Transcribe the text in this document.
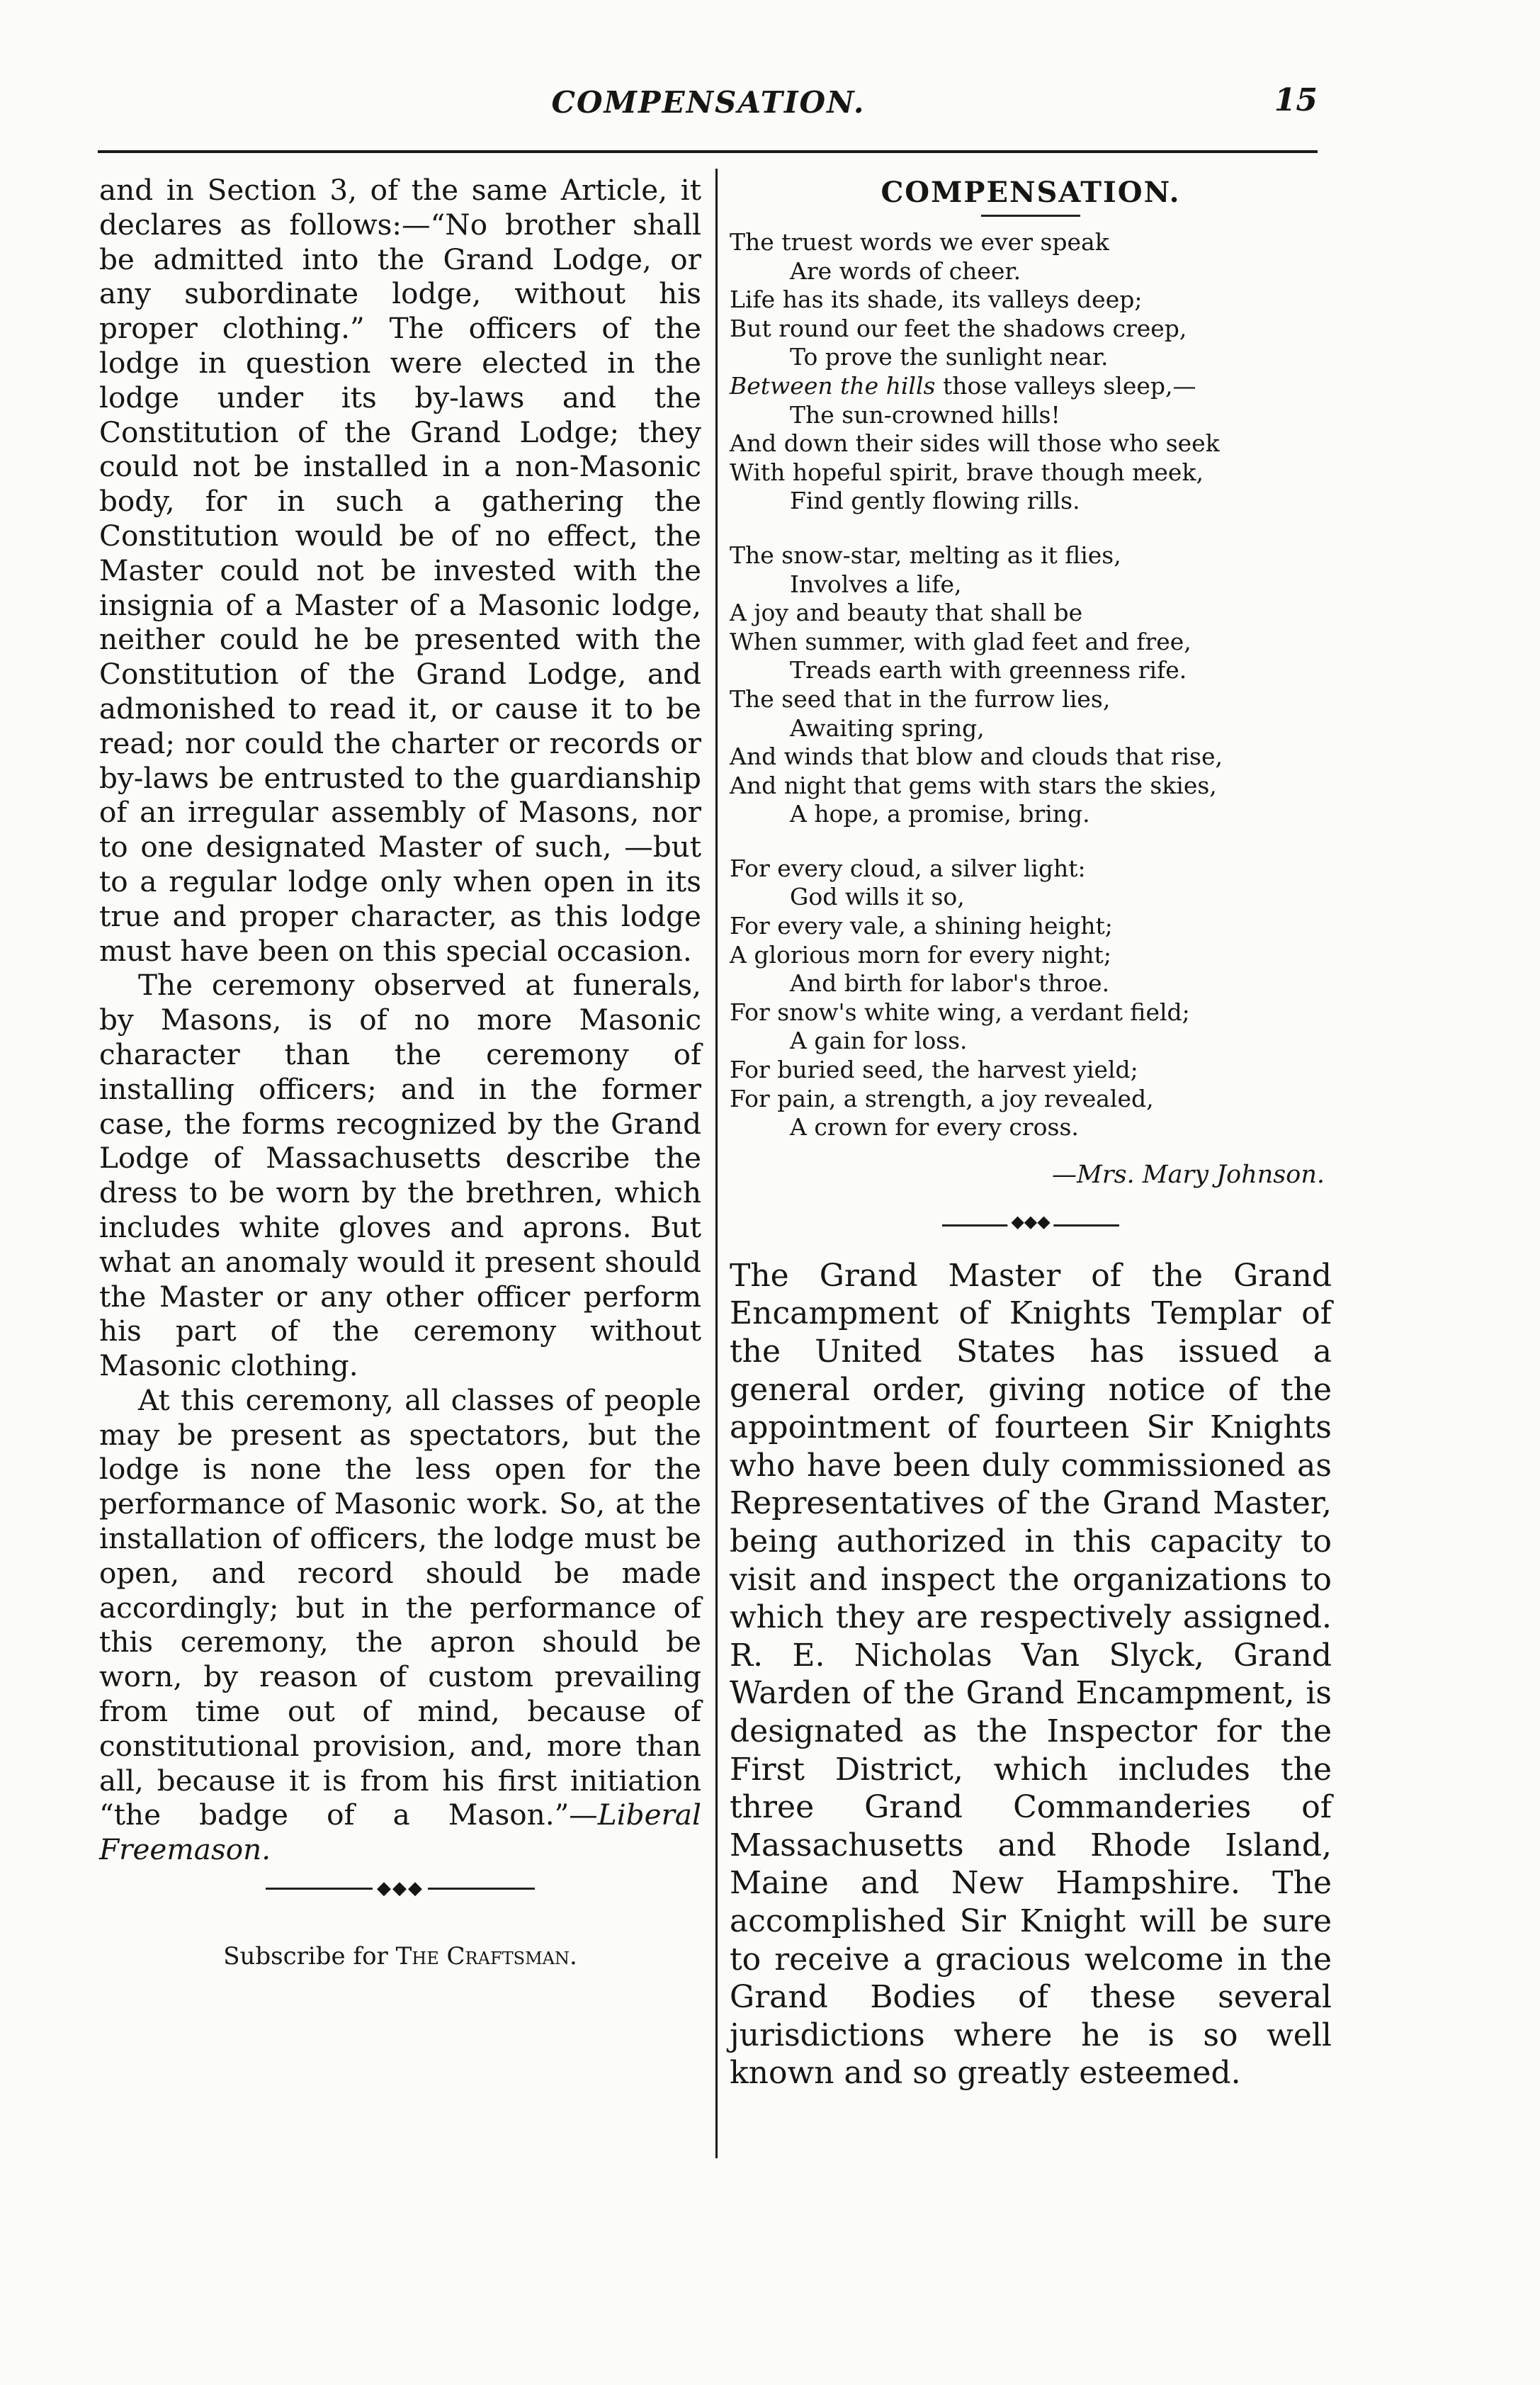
COMPENSATION.	15

and in Section 3, of the same Article, it declares as follows:—“No brother shall be admitted into the Grand Lodge, or any subordinate lodge, without his proper clothing.” The officers of the lodge in question were elected in the lodge under its by-laws and the Constitution of the Grand Lodge; they could not be installed in a non-Masonic body, for in such a gathering the Constitution would be of no effect, the Master could not be invested with the insignia of a Master of a Masonic lodge, neither could he be presented with the Constitution of the Grand Lodge, and admonished to read it, or cause it to be read; nor could the charter or records or by-laws be entrusted to the guardianship of an irregular assembly of Masons, nor to one designated Master of such, —but to a regular lodge only when open in its true and proper character, as this lodge must have been on this special occasion.

The ceremony observed at funerals, by Masons, is of no more Masonic character than the ceremony of installing officers; and in the former case, the forms recognized by the Grand Lodge of Massachusetts describe the dress to be worn by the brethren, which includes white gloves and aprons. But what an anomaly would it present should the Master or any other officer perform his part of the ceremony without Masonic clothing.

At this ceremony, all classes of people may be present as spectators, but the lodge is none the less open for the performance of Masonic work. So, at the installation of officers, the lodge must be open, and record should be made accordingly; but in the performance of this ceremony, the apron should be worn, by reason of custom prevailing from time out of mind, because of constitutional provision, and, more than all, because it is from his first initiation “the badge of a Mason.”—Liberal Freemason.

◆◆◆
Subscribe for The Craftsman.
COMPENSATION.
The truest words we ever speak
Are words of cheer.
Life has its shade, its valleys deep;
But round our feet the shadows creep,
To prove the sunlight near.
Between the hills those valleys sleep,—
The sun-crowned hills!
And down their sides will those who seek
With hopeful spirit, brave though meek,
Find gently flowing rills.
The snow-star, melting as it flies,
Involves a life,
A joy and beauty that shall be
When summer, with glad feet and free,
Treads earth with greenness rife.
The seed that in the furrow lies,
Awaiting spring,
And winds that blow and clouds that rise,
And night that gems with stars the skies,
A hope, a promise, bring.
For every cloud, a silver light:
God wills it so,
For every vale, a shining height;
A glorious morn for every night;
And birth for labor's throe.
For snow's white wing, a verdant field;
A gain for loss.
For buried seed, the harvest yield;
For pain, a strength, a joy revealed,
A crown for every cross.
—Mrs. Mary Johnson.
◆◆◆

The Grand Master of the Grand Encampment of Knights Templar of the United States has issued a general order, giving notice of the appointment of fourteen Sir Knights who have been duly commissioned as Representatives of the Grand Master, being authorized in this capacity to visit and inspect the organizations to which they are respectively assigned. R. E. Nicholas Van Slyck, Grand Warden of the Grand Encampment, is designated as the Inspector for the First District, which includes the three Grand Commanderies of Massachusetts and Rhode Island, Maine and New Hampshire. The accomplished Sir Knight will be sure to receive a gracious welcome in the Grand Bodies of these several jurisdictions where he is so well known and so greatly esteemed.
